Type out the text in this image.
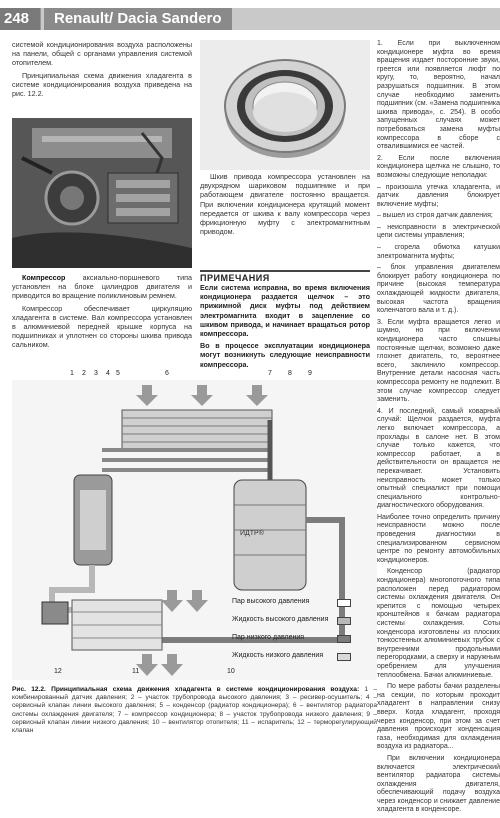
248	Renault/ Dacia Sandero

системой кондиционирования воздуха расположены на панели, общей с органами управления системой отопителем.

Принципиальная схема движения хладагента в системе кондиционирования воздуха приведена на рис. 12.2.

Компрессор аксиально-поршневого типа установлен на блоке цилиндров двигателя и приводится во вращение поликлиновым ремнем.

Компрессор обеспечивает циркуляцию хладагента в системе. Вал компрессора установлен в алюминиевой передней крышке корпуса на подшипниках и уплотнен со стороны шкива привода сальником.

Шкив привода компрессора установлен на двухрядном шариковом подшипнике и при работающем двигателе постоянно вращается. При включении кондиционера крутящий момент передается от шкива к валу компрессора через фрикционную муфту с электромагнитным приводом.

ПРИМЕЧАНИЯ

Если система исправна, во время включения кондиционера раздается щелчок – это прижимной диск муфты под действием электромагнита входит в зацепление со шкивом привода, и начинает вращаться ротор компрессора.

Во в процессе эксплуатации кондиционера могут возникнуть следующие неисправности компрессора.

1. Если при выключенном кондиционере муфта во время вращения издает посторонние звуки, греется или появляется люфт по кругу, то, вероятно, начал разрушаться подшипник. В этом случае необходимо заменить подшипник (см. «Замена подшипника шкива привода», с. 254). В особо запущенных случаях может потребоваться замена муфты компрессора в сборе с отвалившимися ее частей.

2. Если после включения кондиционера щелчка не слышно, то возможны следующие неполадки:

– произошла утечка хладагента, и датчик давления блокирует включение муфты;

– вышел из строя датчик давления;

– неисправности в электрической цепи системы управления;

– сгорела обмотка катушки электромагнита муфты;

– блок управления двигателем блокирует работу кондиционера по причине (высокая температура охлаждающей жидкости двигателя, высокая частота вращения коленчатого вала и т. д.).

3. Если муфта вращается легко и шумно, но при включении кондиционера часто слышны постоянные щелчки, возможно даже глохнет двигатель, то, вероятнее всего, заклинило компрессор. Внутренние детали насосная часть компрессора ремонту не подлежит. В этом случае компрессор следует заменить.

4. И последний, самый коварный случай: Щелчок раздается, муфта легко включает компрессора, а прохлады в салоне нет. В этом случае только кажется, что компрессор работает, а в действительности он вращается не перекачивает. Установить неисправность может только опытный специалист при помощи специального контрольно-диагностического оборудования.

Наиболее точно определить причину неисправности можно после проведения диагностики в специализированном сервисном центре по ремонту автомобильных кондиционеров.

Конденсор (радиатор кондиционера) многопоточного типа расположен перед радиатором системы охлаждения двигателя. Он крепится с помощью четырех кронштейнов к бачкам радиатора системы охлаждения. Соты конденсора изготовлены из плоских тонкостенных алюминиевых трубок с внутренними продольными перегородками, а сверху и наружным оребрением для улучшения теплообмена. Бачки алюминиевые.

По мере работы бачки разделены на секции, по которым проходит хладагент в направлении снизу вверх. Когда хладагент, проходя через конденсор, при этом за счет давления происходит конденсация газа, необходимая для охлаждения воздуха из радиатора...

При включении кондиционера включается электрический вентилятор радиатора системы охлаждения двигателя, обеспечивающий подачу воздуха через конденсор и снижает давление хладагента в конденсоре.

1 2 3 4 5	6	7 8 9
12	11	10
ИДТР®
Пар высокого давления
Жидкость высокого давления
Пар низкого давления
Жидкость низкого давления
Рис. 12.2. Принципиальная схема движения хладагента в системе кондиционирования воздуха: 1 – комбинированный датчик давления; 2 – участок трубопровода высокого давления; 3 – ресивер-осушитель; 4 – сервисный клапан линии высокого давления; 5 – конденсор (радиатор кондиционера); 6 – вентилятор радиатора системы охлаждения двигателя; 7 – компрессор кондиционера; 8 – участок трубопровода низкого давления; 9 – сервисный клапан линии низкого давления; 10 – вентилятор отопителя; 11 – испаритель; 12 – терморегулирующий клапан
